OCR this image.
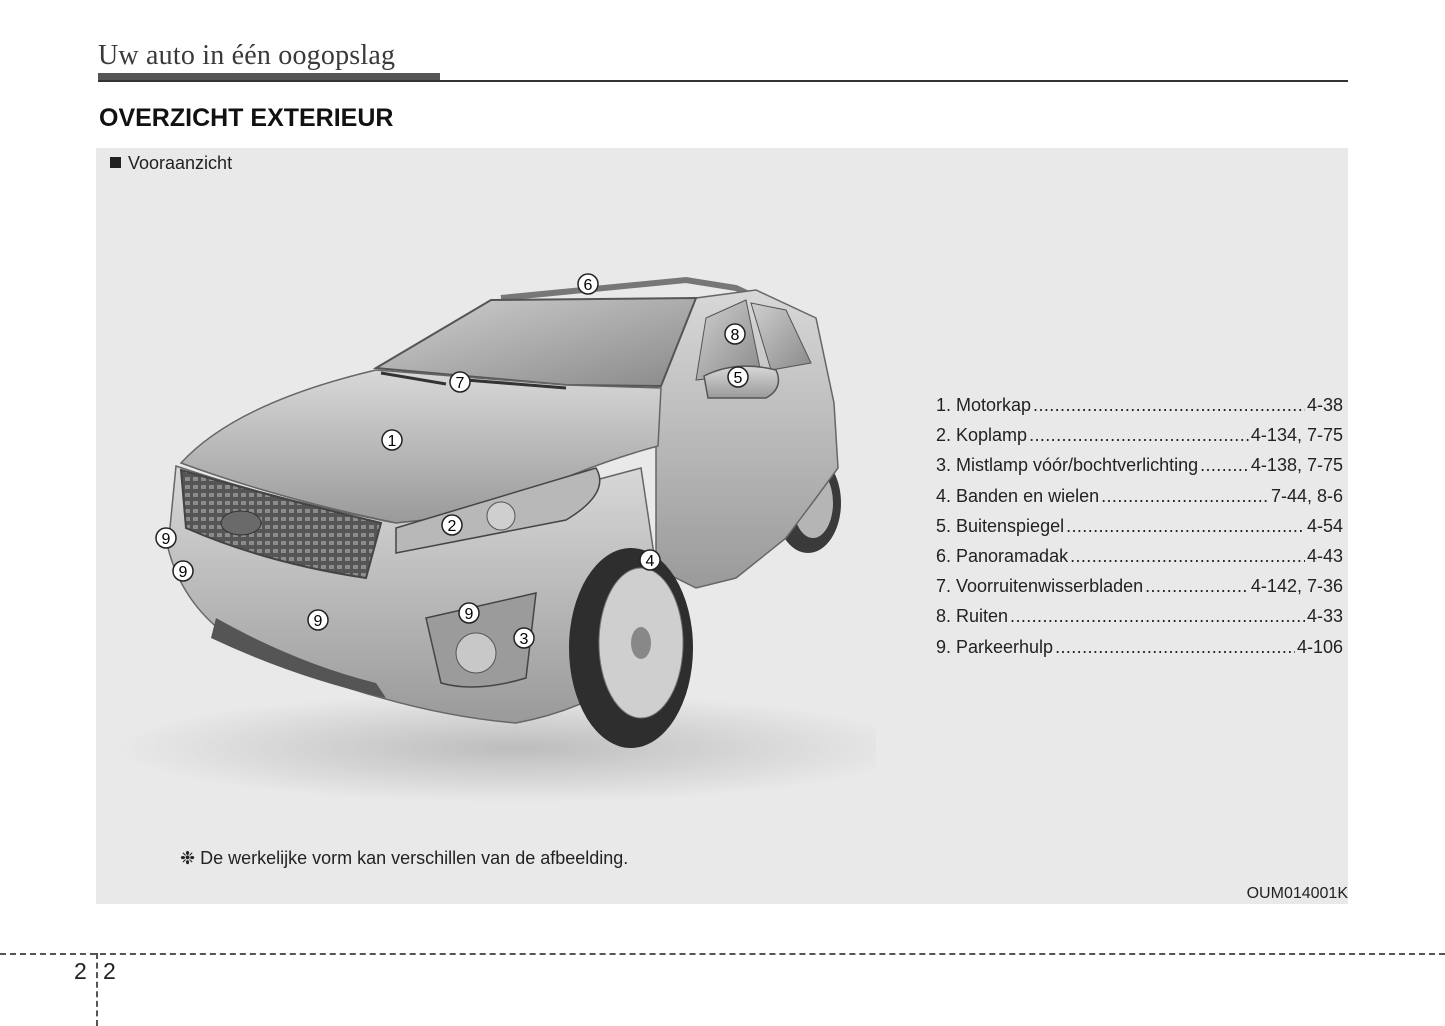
Uw auto in één oogopslag
OVERZICHT EXTERIEUR
Vooraanzicht
1
2
3
4
5
6
7
8
9
9
9	9
1. Motorkap .....	4-38
2. Koplamp .....	4-134, 7-75
3. Mistlamp vóór/bochtverlichting .....	4-138, 7-75
4. Banden en wielen .....	7-44, 8-6
5. Buitenspiegel .....	4-54
6. Panoramadak .....	4-43
7. Voorruitenwisserbladen .....	4-142, 7-36
8. Ruiten .....	4-33
9. Parkeerhulp .....	4-106
❉ De werkelijke vorm kan verschillen van de afbeelding.
OUM014001K
2 2
